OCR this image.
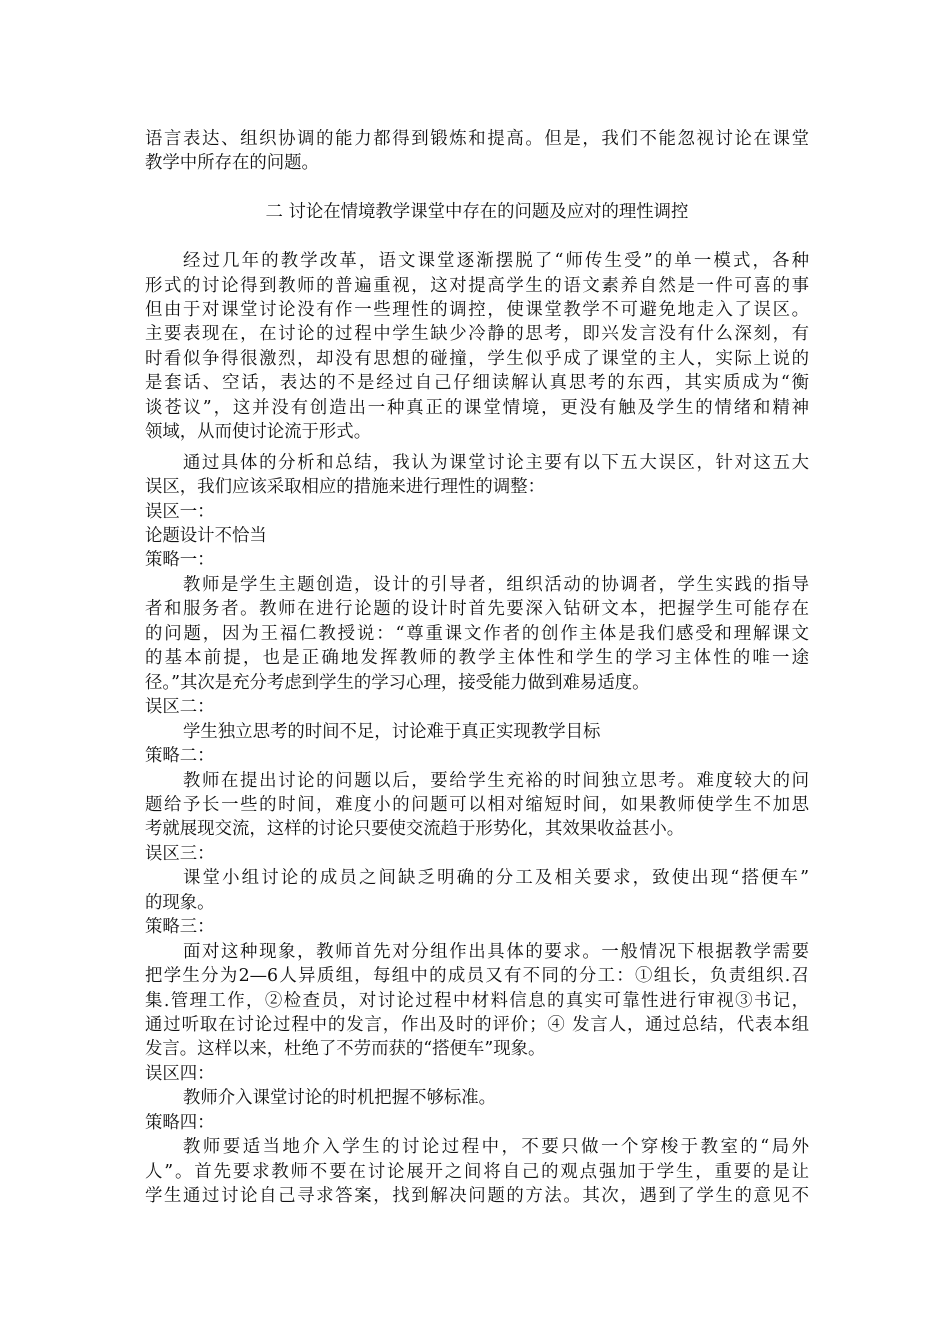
语言表达、组织协调的能力都得到锻炼和提高。但是，我们不能忽视讨论在课堂
教学中所存在的问题。
二 讨论在情境教学课堂中存在的问题及应对的理性调控
经过几年的教学改革，语文课堂逐渐摆脱了“师传生受”的单一模式，各种
形式的讨论得到教师的普遍重视，这对提高学生的语文素养自然是一件可喜的事
但由于对课堂讨论没有作一些理性的调控，使课堂教学不可避免地走入了误区。
主要表现在，在讨论的过程中学生缺少冷静的思考，即兴发言没有什么深刻，有
时看似争得很激烈，却没有思想的碰撞，学生似乎成了课堂的主人，实际上说的
是套话、空话，表达的不是经过自己仔细读解认真思考的东西，其实质成为“衡
谈苍议”，这并没有创造出一种真正的课堂情境，更没有触及学生的情绪和精神
领域，从而使讨论流于形式。
通过具体的分析和总结，我认为课堂讨论主要有以下五大误区，针对这五大
误区，我们应该采取相应的措施来进行理性的调整：
误区一：
论题设计不恰当
策略一：
教师是学生主题创造，设计的引导者，组织活动的协调者，学生实践的指导
者和服务者。教师在进行论题的设计时首先要深入钻研文本，把握学生可能存在
的问题，因为王福仁教授说：“尊重课文作者的创作主体是我们感受和理解课文
的基本前提，也是正确地发挥教师的教学主体性和学生的学习主体性的唯一途
径。”其次是充分考虑到学生的学习心理，接受能力做到难易适度。
误区二：
学生独立思考的时间不足，讨论难于真正实现教学目标
策略二：
教师在提出讨论的问题以后，要给学生充裕的时间独立思考。难度较大的问
题给予长一些的时间，难度小的问题可以相对缩短时间，如果教师使学生不加思
考就展现交流，这样的讨论只要使交流趋于形势化，其效果收益甚小。
误区三：
课堂小组讨论的成员之间缺乏明确的分工及相关要求，致使出现“搭便车”
的现象。
策略三：
面对这种现象，教师首先对分组作出具体的要求。一般情况下根据教学需要
把学生分为2—6人异质组，每组中的成员又有不同的分工：①组长，负责组织.召
集.管理工作，②检查员，对讨论过程中材料信息的真实可靠性进行审视③书记，
通过听取在讨论过程中的发言，作出及时的评价；④ 发言人，通过总结，代表本组
发言。这样以来，杜绝了不劳而获的“搭便车”现象。
误区四：
教师介入课堂讨论的时机把握不够标准。
策略四：
教师要适当地介入学生的讨论过程中，不要只做一个穿梭于教室的“局外
人”。首先要求教师不要在讨论展开之间将自己的观点强加于学生，重要的是让
学生通过讨论自己寻求答案，找到解决问题的方法。其次，遇到了学生的意见不
